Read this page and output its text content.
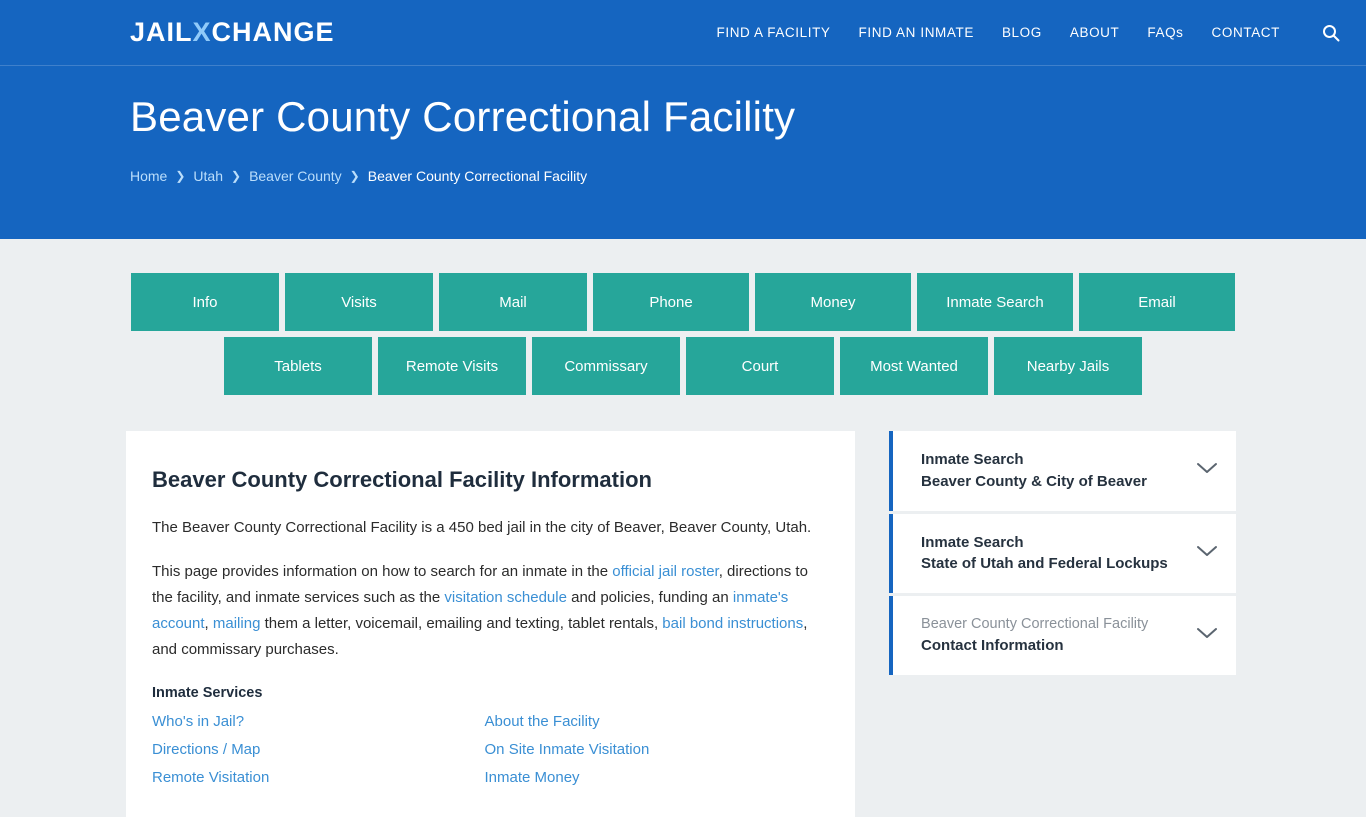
JAIL X CHANGE	FIND A FACILITY FIND AN INMATE BLOG ABOUT FAQs CONTACT
Beaver County Correctional Facility
Home ❯ Utah ❯ Beaver County ❯ Beaver County Correctional Facility
Info	Visits	Mail	Phone	Money	Inmate Search	Email
Tablets	Remote Visits	Commissary	Court	Most Wanted	Nearby Jails
Beaver County Correctional Facility Information

The Beaver County Correctional Facility is a 450 bed jail in the city of Beaver, Beaver County, Utah.

This page provides information on how to search for an inmate in the official jail roster, directions to the facility, and inmate services such as the visitation schedule and policies, funding an inmate's account, mailing them a letter, voicemail, emailing and texting, tablet rentals, bail bond instructions, and commissary purchases.

Inmate Services
Who's in Jail?
Directions / Map
Remote Visitation
About the Facility
On Site Inmate Visitation
Inmate Money
Inmate Search
Beaver County & City of Beaver
Inmate Search
State of Utah and Federal Lockups
Beaver County Correctional Facility
Contact Information
